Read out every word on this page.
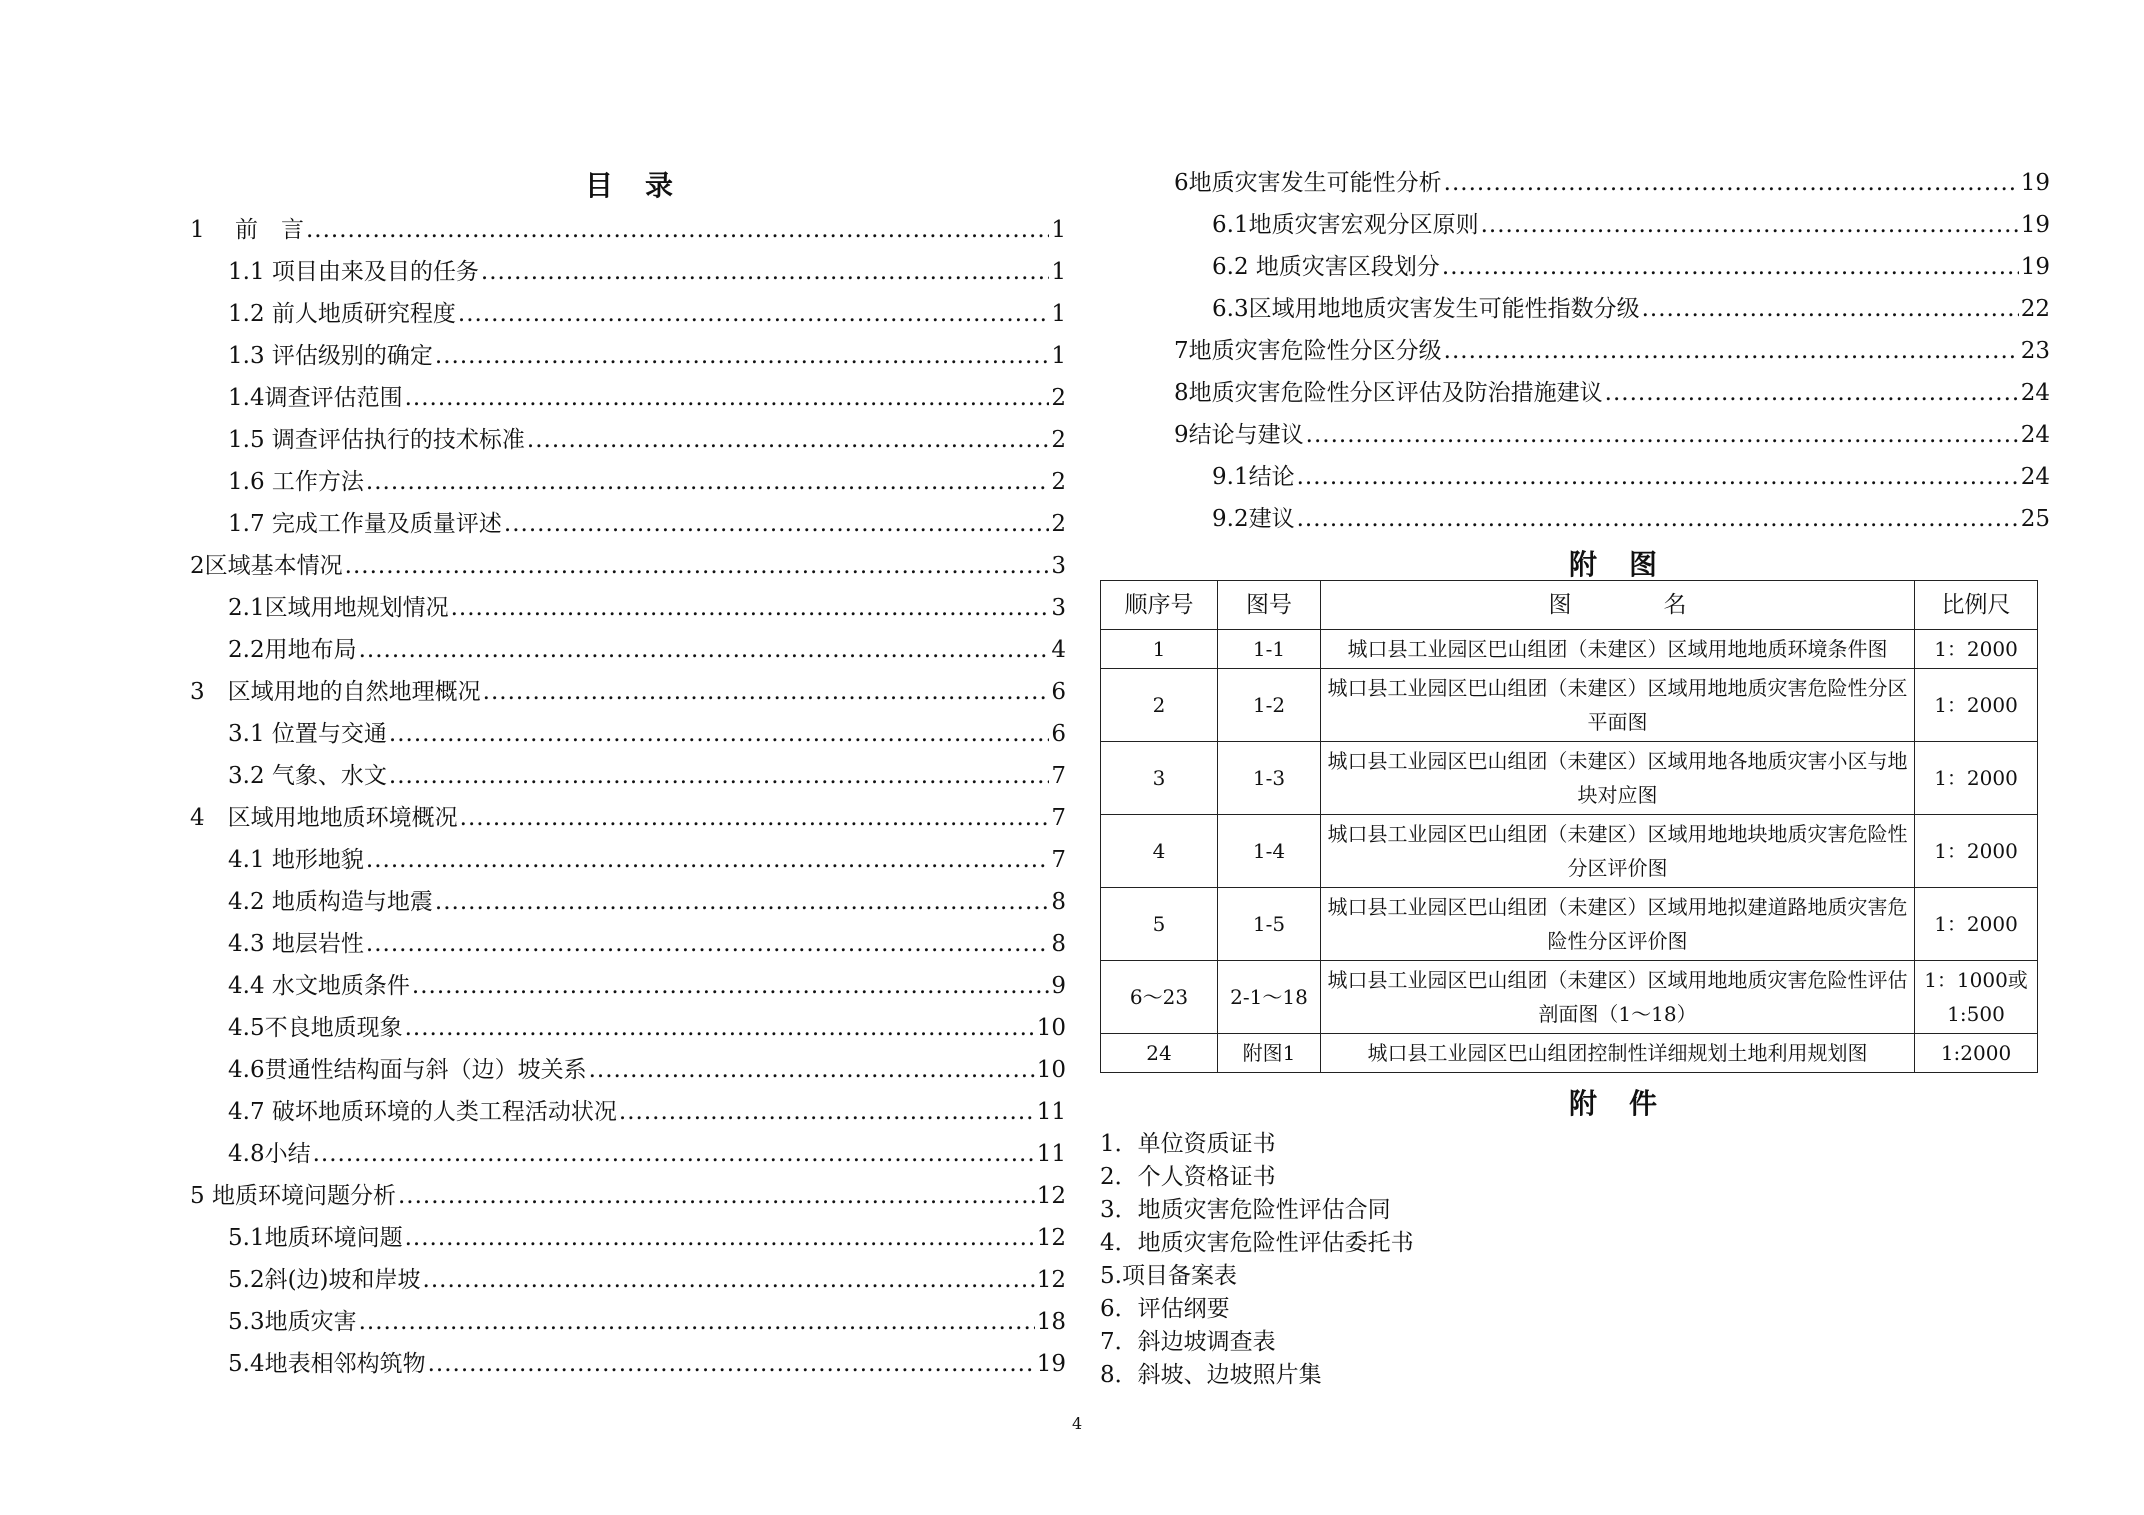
目　录
1　 前　言 .....	1
1.1 项目由来及目的任务 .....	1
1.2 前人地质研究程度 .....	1
1.3 评估级别的确定 .....	1
1.4调查评估范围 .....	2
1.5 调查评估执行的技术标准 .....	2
1.6 工作方法 .....	2
1.7 完成工作量及质量评述 .....	2
2区域基本情况 .....	3
2.1区域用地规划情况 .....	3
2.2用地布局 .....	4
3　区域用地的自然地理概况 .....	6
3.1 位置与交通 .....	6
3.2 气象、水文 .....	7
4　区域用地地质环境概况 .....	7
4.1 地形地貌 .....	7
4.2 地质构造与地震 .....	8
4.3 地层岩性 .....	8
4.4 水文地质条件 .....	9
4.5不良地质现象 .....	10
4.6贯通性结构面与斜（边）坡关系 .....	10
4.7 破坏地质环境的人类工程活动状况 .....	11
4.8小结 .....	11
5 地质环境问题分析 .....	12
5.1地质环境问题 .....	12
5.2斜(边)坡和岸坡 .....	12
5.3地质灾害 .....	18
5.4地表相邻构筑物 .....	19
6地质灾害发生可能性分析 .....	19
6.1地质灾害宏观分区原则 .....	19
6.2 地质灾害区段划分 .....	19
6.3区域用地地质灾害发生可能性指数分级 .....	22
7地质灾害危险性分区分级 .....	23
8地质灾害危险性分区评估及防治措施建议 .....	24
9结论与建议 .....	24
9.1结论 .....	24
9.2建议 .....	25
附　图
顺序号	图号	图　　　　名	比例尺
1	1-1	城口县工业园区巴山组团（未建区）区域用地地质环境条件图	1：2000
2	1-2	城口县工业园区巴山组团（未建区）区域用地地质灾害危险性分区平面图	1：2000
3	1-3	城口县工业园区巴山组团（未建区）区域用地各地质灾害小区与地块对应图	1：2000
4	1-4	城口县工业园区巴山组团（未建区）区域用地地块地质灾害危险性分区评价图	1：2000
5	1-5	城口县工业园区巴山组团（未建区）区域用地拟建道路地质灾害危险性分区评价图	1：2000
6～23	2-1～18	城口县工业园区巴山组团（未建区）区域用地地质灾害危险性评估剖面图（1～18）	1：1000或1:500
24	附图1	城口县工业园区巴山组团控制性详细规划土地利用规划图	1:2000
附　件
1．单位资质证书
2．个人资格证书
3．地质灾害危险性评估合同
4．地质灾害危险性评估委托书
5.项目备案表
6．评估纲要
7．斜边坡调查表
8．斜坡、边坡照片集
4
